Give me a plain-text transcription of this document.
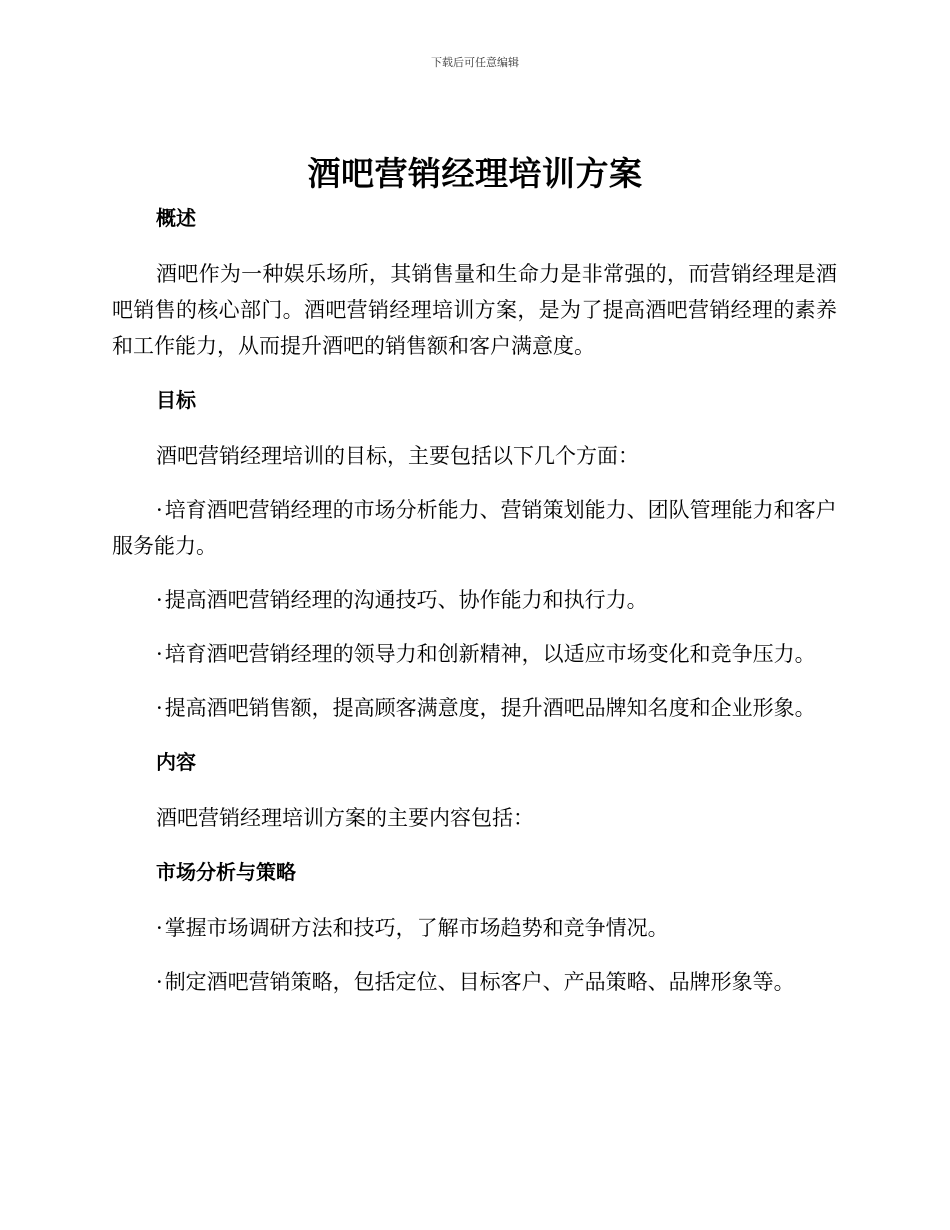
下载后可任意编辑
酒吧营销经理培训方案
概述

酒吧作为一种娱乐场所，其销售量和生命力是非常强的，而营销经理是酒吧销售的核心部门。酒吧营销经理培训方案，是为了提高酒吧营销经理的素养和工作能力，从而提升酒吧的销售额和客户满意度。

目标

酒吧营销经理培训的目标，主要包括以下几个方面：

·培育酒吧营销经理的市场分析能力、营销策划能力、团队管理能力和客户服务能力。

·提高酒吧营销经理的沟通技巧、协作能力和执行力。

·培育酒吧营销经理的领导力和创新精神，以适应市场变化和竞争压力。

·提高酒吧销售额，提高顾客满意度，提升酒吧品牌知名度和企业形象。

内容

酒吧营销经理培训方案的主要内容包括：

市场分析与策略

·掌握市场调研方法和技巧，了解市场趋势和竞争情况。

·制定酒吧营销策略，包括定位、目标客户、产品策略、品牌形象等。
